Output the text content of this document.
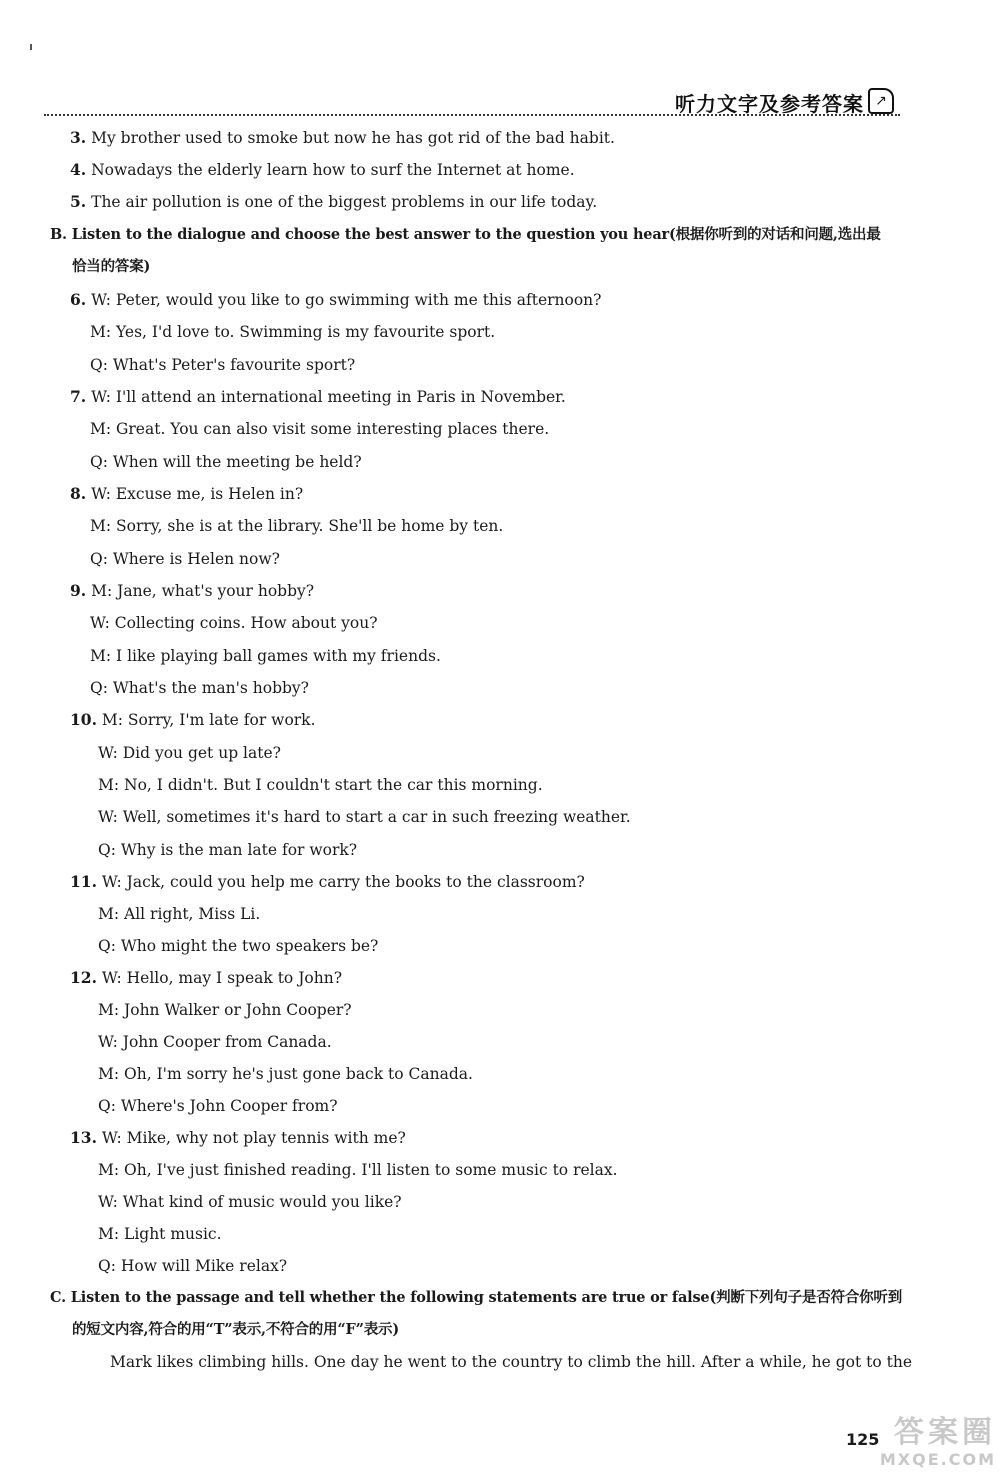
听力文字及参考答案 ↗
3. My brother used to smoke but now he has got rid of the bad habit.
4. Nowadays the elderly learn how to surf the Internet at home.
5. The air pollution is one of the biggest problems in our life today.
B. Listen to the dialogue and choose the best answer to the question you hear(根据你听到的对话和问题,选出最
恰当的答案)
6. W: Peter, would you like to go swimming with me this afternoon?
M: Yes, I'd love to. Swimming is my favourite sport.
Q: What's Peter's favourite sport?
7. W: I'll attend an international meeting in Paris in November.
M: Great. You can also visit some interesting places there.
Q: When will the meeting be held?
8. W: Excuse me, is Helen in?
M: Sorry, she is at the library. She'll be home by ten.
Q: Where is Helen now?
9. M: Jane, what's your hobby?
W: Collecting coins. How about you?
M: I like playing ball games with my friends.
Q: What's the man's hobby?
10. M: Sorry, I'm late for work.
W: Did you get up late?
M: No, I didn't. But I couldn't start the car this morning.
W: Well, sometimes it's hard to start a car in such freezing weather.
Q: Why is the man late for work?
11. W: Jack, could you help me carry the books to the classroom?
M: All right, Miss Li.
Q: Who might the two speakers be?
12. W: Hello, may I speak to John?
M: John Walker or John Cooper?
W: John Cooper from Canada.
M: Oh, I'm sorry he's just gone back to Canada.
Q: Where's John Cooper from?
13. W: Mike, why not play tennis with me?
M: Oh, I've just finished reading. I'll listen to some music to relax.
W: What kind of music would you like?
M: Light music.
Q: How will Mike relax?
C. Listen to the passage and tell whether the following statements are true or false(判断下列句子是否符合你听到
的短文内容,符合的用“T”表示,不符合的用“F”表示)
Mark likes climbing hills. One day he went to the country to climb the hill. After a while, he got to the
125 答案圈
MXQE.COM
